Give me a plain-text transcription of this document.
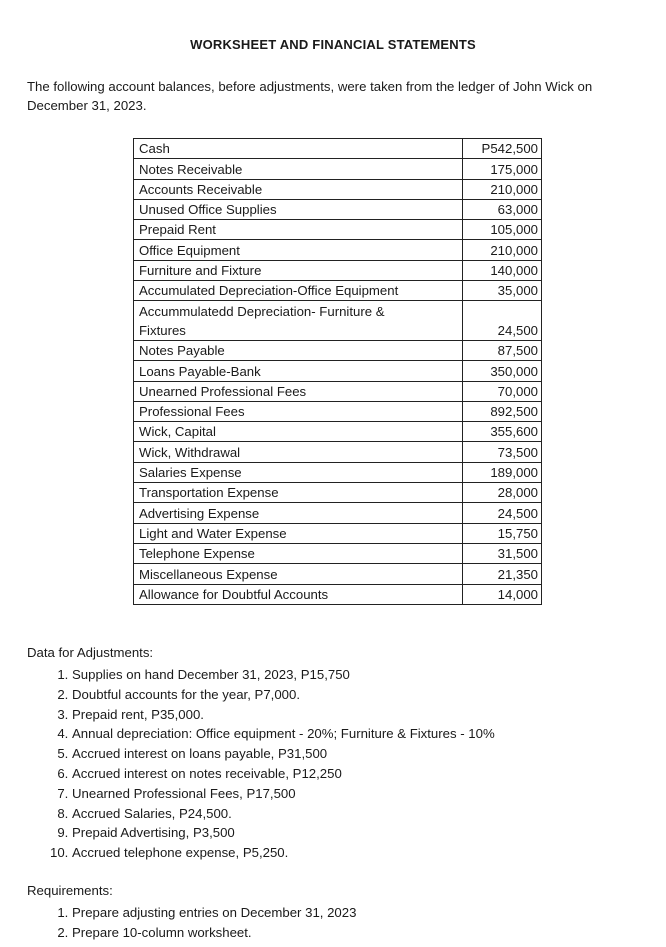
WORKSHEET AND FINANCIAL STATEMENTS
The following account balances, before adjustments, were taken from the ledger of John Wick on December 31, 2023.
Cash	P542,500
Notes Receivable	175,000
Accounts Receivable	210,000
Unused Office Supplies	63,000
Prepaid Rent	105,000
Office Equipment	210,000
Furniture and Fixture	140,000
Accumulated Depreciation-Office Equipment	35,000
Accummulatedd Depreciation- Furniture &	
Fixtures	24,500
Notes Payable	87,500
Loans Payable-Bank	350,000
Unearned Professional Fees	70,000
Professional Fees	892,500
Wick, Capital	355,600
Wick, Withdrawal	73,500
Salaries Expense	189,000
Transportation Expense	28,000
Advertising Expense	24,500
Light and Water Expense	15,750
Telephone Expense	31,500
Miscellaneous Expense	21,350
Allowance for Doubtful Accounts	14,000
Data for Adjustments:
1. Supplies on hand December 31, 2023, P15,750
2. Doubtful accounts for the year, P7,000.
3. Prepaid rent, P35,000.
4. Annual depreciation: Office equipment - 20%; Furniture & Fixtures - 10%
5. Accrued interest on loans payable, P31,500
6. Accrued interest on notes receivable, P12,250
7. Unearned Professional Fees, P17,500
8. Accrued Salaries, P24,500.
9. Prepaid Advertising, P3,500
10. Accrued telephone expense, P5,250.
Requirements:
1. Prepare adjusting entries on December 31, 2023
2. Prepare 10-column worksheet.
